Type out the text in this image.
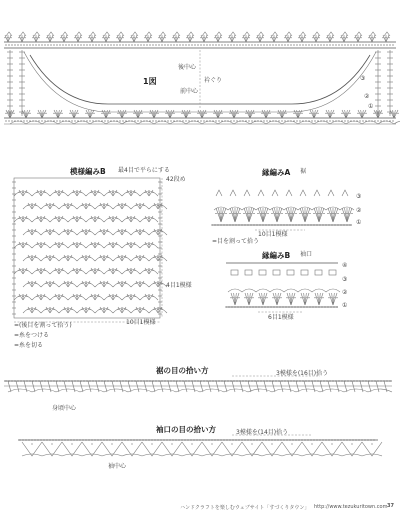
1図	衿ぐり
後中心
前中心
③
②
①
模様編みB 最4目で平らにする
42段め
4目1模様
10目1模様
=(後目を割って拾う)
=糸をつける
=糸を切る
縁編みA 裾
③
②
①
10目1模様
=目を割って拾う
縁編みB 袖口
④
③
②
①
6目1模様
裾の目の拾い方	3模様を(16目)拾う
身頃中心
袖口の目の拾い方	3模様を(14目)拾う
袖中心
ハンドクラフトを楽しむウェブサイト「すづくりタウン」 http://www.tezukuritown.com 37
